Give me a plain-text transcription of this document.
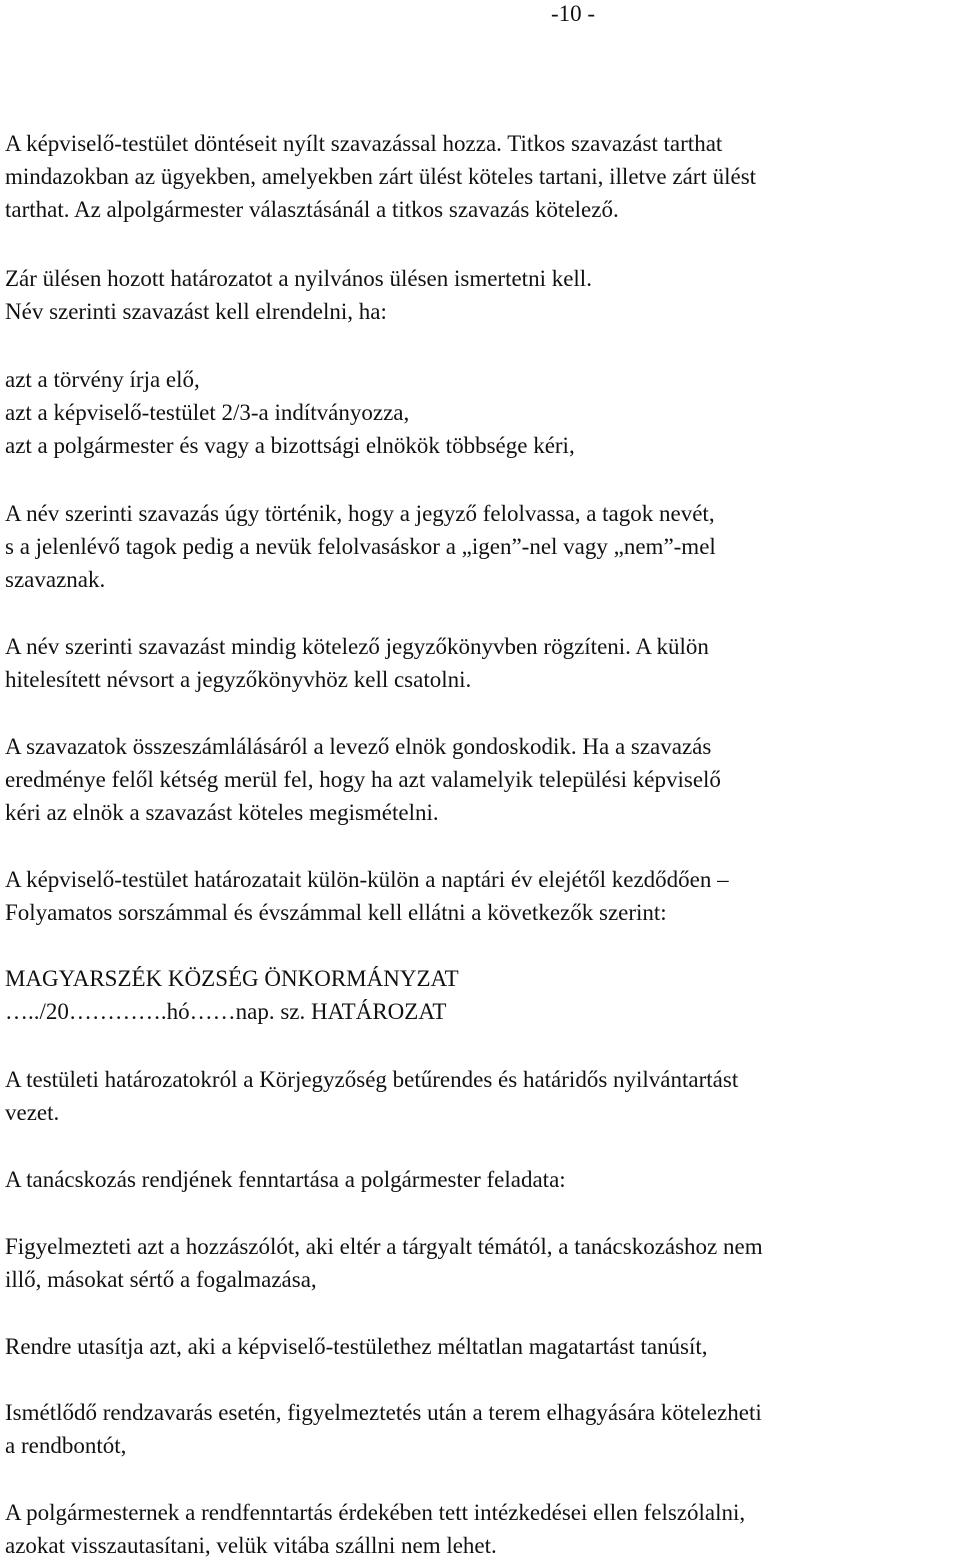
-10 -

A képviselő-testület döntéseit nyílt szavazással hozza. Titkos szavazást tarthat

mindazokban az ügyekben, amelyekben zárt ülést köteles tartani, illetve zárt ülést

tarthat. Az alpolgármester választásánál a titkos szavazás kötelező.

Zár ülésen hozott határozatot a nyilvános ülésen ismertetni kell.

Név szerinti szavazást kell elrendelni, ha:

azt a törvény írja elő,

azt a képviselő-testület 2/3-a indítványozza,

azt a polgármester és vagy a bizottsági elnökök többsége kéri,

A név szerinti szavazás úgy történik, hogy a jegyző felolvassa, a tagok nevét,

s a jelenlévő tagok pedig a nevük felolvasáskor a „igen”-nel vagy „nem”-mel

szavaznak.

A név szerinti szavazást mindig kötelező jegyzőkönyvben rögzíteni. A külön

hitelesített névsort a jegyzőkönyvhöz kell csatolni.

A szavazatok összeszámlálásáról a levező elnök gondoskodik. Ha a szavazás

eredménye felől kétség merül fel, hogy ha azt valamelyik települési képviselő

kéri az elnök a szavazást köteles megismételni.

A képviselő-testület határozatait külön-külön a naptári év elejétől kezdődően –

Folyamatos sorszámmal és évszámmal kell ellátni a következők szerint:

MAGYARSZÉK KÖZSÉG ÖNKORMÁNYZAT

…../20………….hó……nap. sz. HATÁROZAT

A testületi határozatokról a Körjegyzőség betűrendes és határidős nyilvántartást

vezet.

A tanácskozás rendjének fenntartása a polgármester feladata:

Figyelmezteti azt a hozzászólót, aki eltér a tárgyalt témától, a tanácskozáshoz nem

illő, másokat sértő a fogalmazása,

Rendre utasítja azt, aki a képviselő-testülethez méltatlan magatartást tanúsít,

Ismétlődő rendzavarás esetén, figyelmeztetés után a terem elhagyására kötelezheti

a rendbontót,

A polgármesternek a rendfenntartás érdekében tett intézkedései ellen felszólalni,

azokat visszautasítani, velük vitába szállni nem lehet.
